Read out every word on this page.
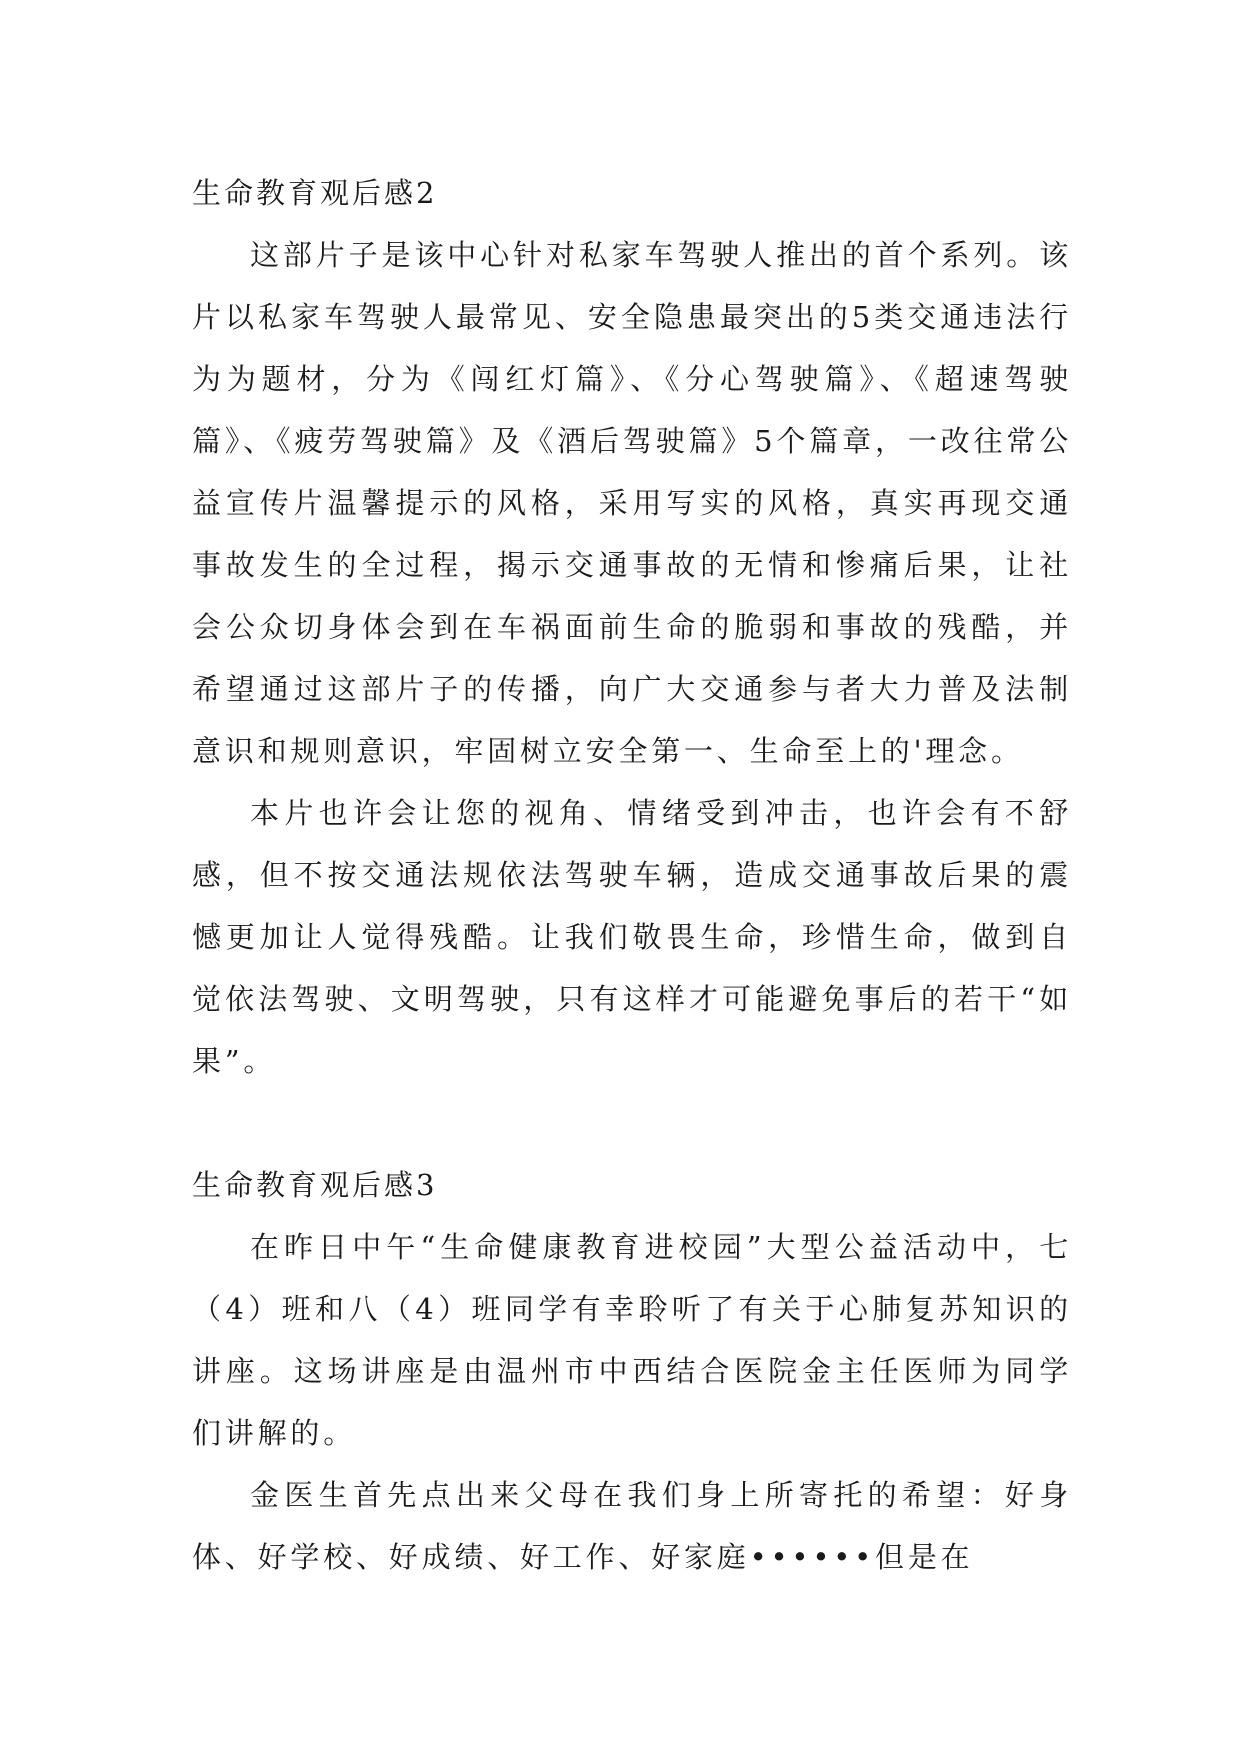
生命教育观后感2

这部片子是该中心针对私家车驾驶人推出的首个系列。该片以私家车驾驶人最常见、安全隐患最突出的5类交通违法行为为题材，分为《闯红灯篇》、《分心驾驶篇》、《超速驾驶篇》、《疲劳驾驶篇》及《酒后驾驶篇》5个篇章，一改往常公益宣传片温馨提示的风格，采用写实的风格，真实再现交通事故发生的全过程，揭示交通事故的无情和惨痛后果，让社会公众切身体会到在车祸面前生命的脆弱和事故的残酷，并希望通过这部片子的传播，向广大交通参与者大力普及法制意识和规则意识，牢固树立安全第一、生命至上的'理念。

本片也许会让您的视角、情绪受到冲击，也许会有不舒感，但不按交通法规依法驾驶车辆，造成交通事故后果的震憾更加让人觉得残酷。让我们敬畏生命，珍惜生命，做到自觉依法驾驶、文明驾驶，只有这样才可能避免事后的若干“如果”。

生命教育观后感3

在昨日中午“生命健康教育进校园”大型公益活动中，七（4）班和八（4）班同学有幸聆听了有关于心肺复苏知识的讲座。这场讲座是由温州市中西结合医院金主任医师为同学们讲解的。

金医生首先点出来父母在我们身上所寄托的希望：好身体、好学校、好成绩、好工作、好家庭••••••但是在
